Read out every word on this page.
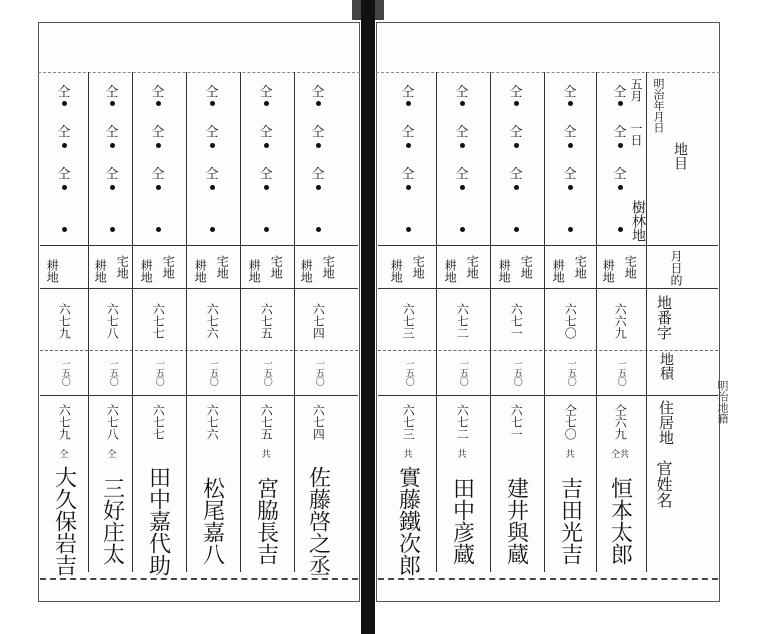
明治年月日
五月
一日
地目
樹林地
月日的
地番字
地積
住居地
官姓名
明治地籍
仝
仝
仝
宅地
耕地
六六九
一五〇
仝六九
仝共
恒本太郎
仝
仝
仝
宅地
耕地
六七〇
一五〇
仝七〇
共
吉田光吉
仝
仝
仝
宅地
耕地
六七一
一五〇
六七一
建井與蔵
仝
仝
仝
宅地
耕地
六七二
一五〇
六七二
共
田中彦蔵
仝
仝
仝
宅地
耕地
六七三
一五〇
六七三
共
實藤鐵次郎
仝
仝
仝
宅地
耕地
六七四
一五〇
六七四
佐藤啓之丞
仝
仝
仝
宅地
耕地
六七五
一五〇
六七五
共
宮脇長吉
仝
仝
仝
宅地
耕地
六七六
一五〇
六七六
松尾嘉八
仝
仝
仝
宅地
耕地
六七七
一五〇
六七七
田中嘉代助
仝
仝
仝
宅地
耕地
六七八
一五〇
六七八
仝
三好庄太
仝
仝
仝
耕地
六七九
一五〇
六七九
仝
大久保岩吉
